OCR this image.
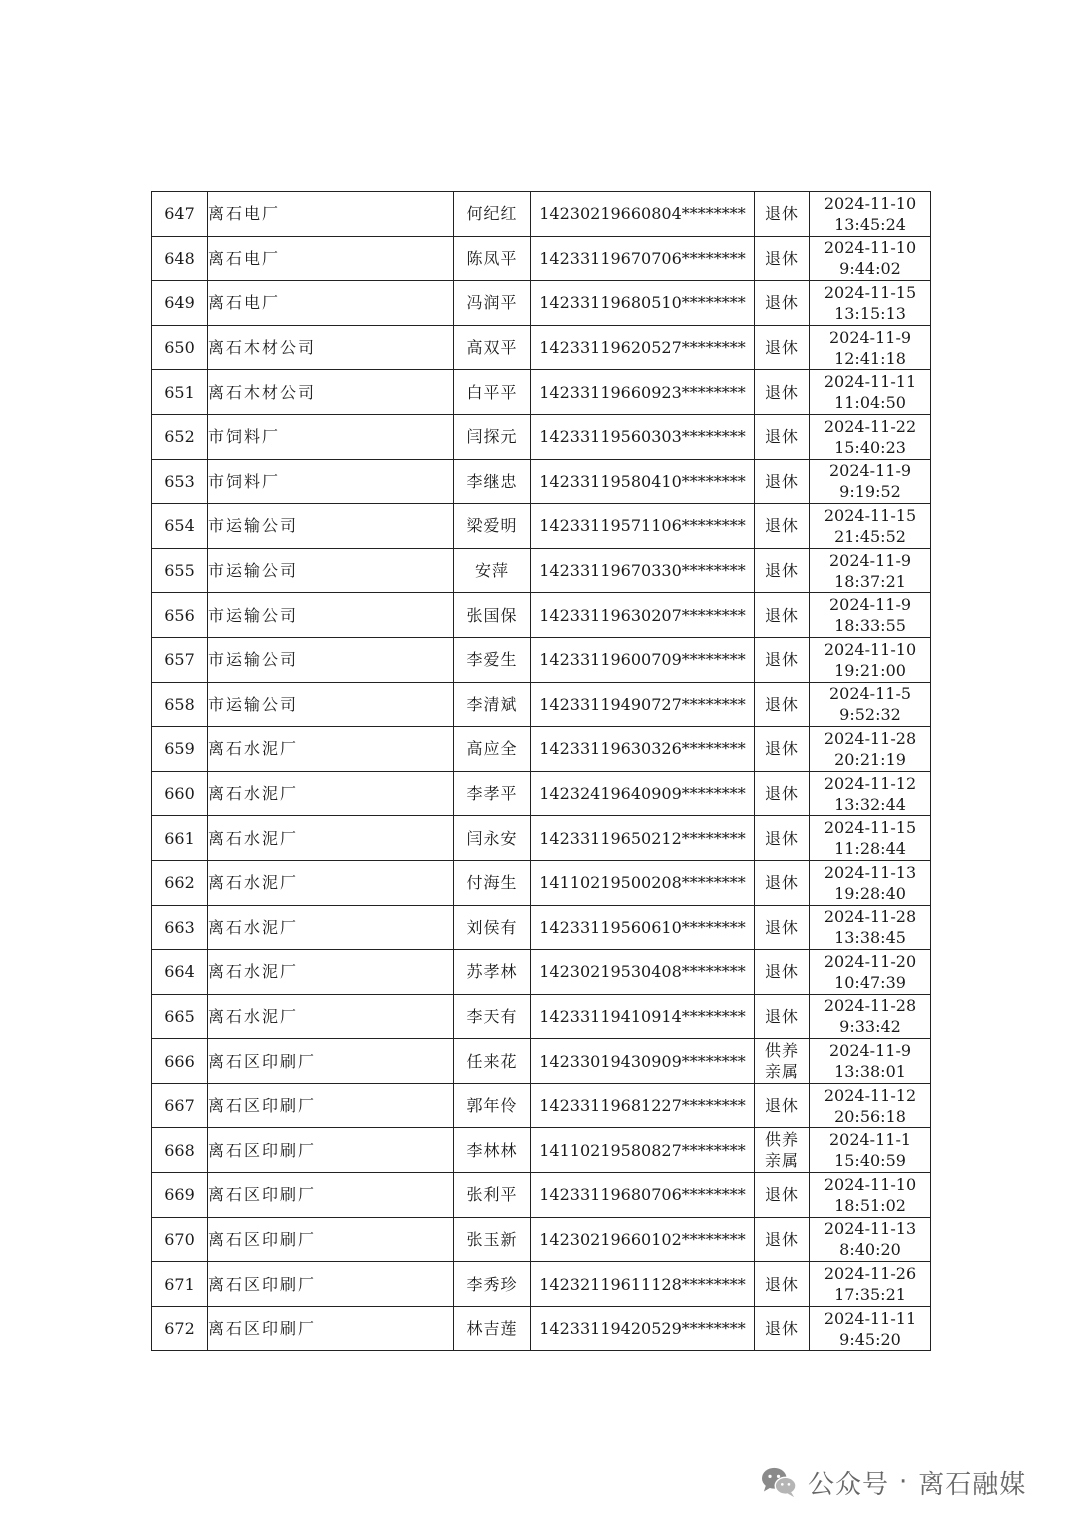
647	离石电厂	何纪红	14230219660804********	退休	2024-11-10
13:45:24

648	离石电厂	陈凤平	14233119670706********	退休	2024-11-10
9:44:02

649	离石电厂	冯润平	14233119680510********	退休	2024-11-15
13:15:13

650	离石木材公司	高双平	14233119620527********	退休	2024-11-9
12:41:18

651	离石木材公司	白平平	14233119660923********	退休	2024-11-11
11:04:50

652	市饲料厂	闫探元	14233119560303********	退休	2024-11-22
15:40:23

653	市饲料厂	李继忠	14233119580410********	退休	2024-11-9
9:19:52

654	市运输公司	梁爱明	14233119571106********	退休	2024-11-15
21:45:52

655	市运输公司	安萍	14233119670330********	退休	2024-11-9
18:37:21

656	市运输公司	张国保	14233119630207********	退休	2024-11-9
18:33:55

657	市运输公司	李爱生	14233119600709********	退休	2024-11-10
19:21:00

658	市运输公司	李清斌	14233119490727********	退休	2024-11-5
9:52:32

659	离石水泥厂	高应全	14233119630326********	退休	2024-11-28
20:21:19

660	离石水泥厂	李孝平	14232419640909********	退休	2024-11-12
13:32:44

661	离石水泥厂	闫永安	14233119650212********	退休	2024-11-15
11:28:44

662	离石水泥厂	付海生	14110219500208********	退休	2024-11-13
19:28:40

663	离石水泥厂	刘侯有	14233119560610********	退休	2024-11-28
13:38:45

664	离石水泥厂	苏孝林	14230219530408********	退休	2024-11-20
10:47:39

665	离石水泥厂	李天有	14233119410914********	退休	2024-11-28
9:33:42

666	离石区印刷厂	任来花	14233019430909********	供养
亲属	2024-11-9
13:38:01

667	离石区印刷厂	郭年伶	14233119681227********	退休	2024-11-12
20:56:18

668	离石区印刷厂	李林林	14110219580827********	供养
亲属	2024-11-1
15:40:59

669	离石区印刷厂	张利平	14233119680706********	退休	2024-11-10
18:51:02

670	离石区印刷厂	张玉新	14230219660102********	退休	2024-11-13
8:40:20

671	离石区印刷厂	李秀珍	14232119611128********	退休	2024-11-26
17:35:21

672	离石区印刷厂	林吉莲	14233119420529********	退休	2024-11-11
9:45:20
公众号 · 离石融媒
